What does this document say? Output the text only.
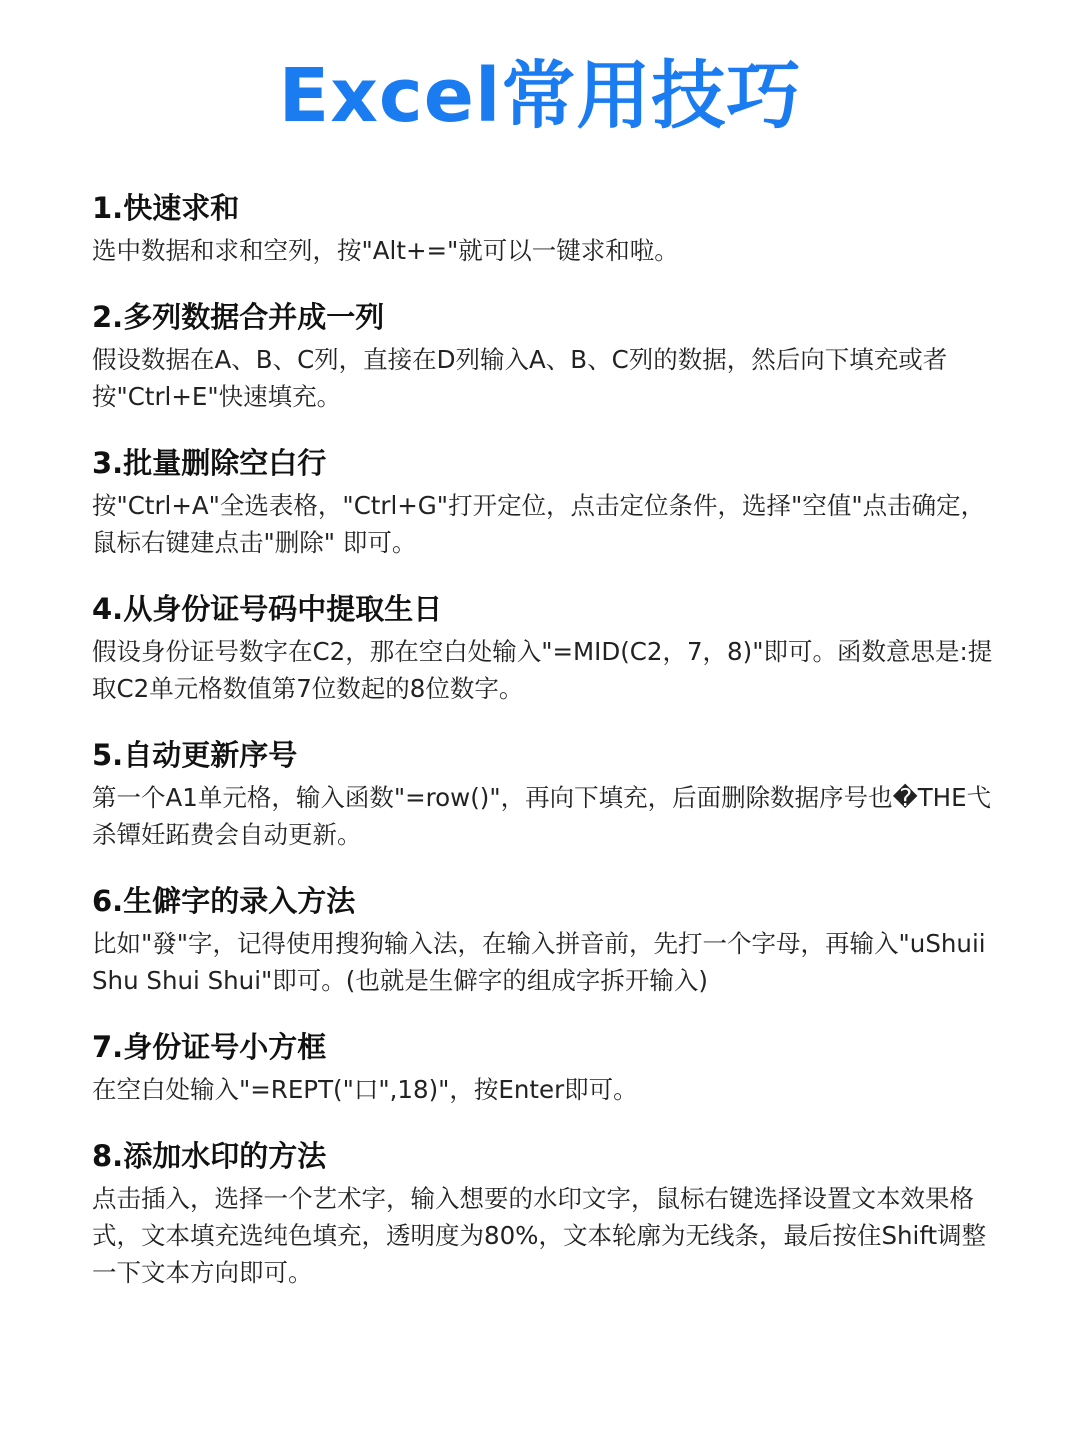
Excel常用技巧
1.快速求和
选中数据和求和空列，按"Alt+="就可以一键求和啦。
2.多列数据合并成一列
假设数据在A、B、C列，直接在D列输入A、B、C列的数据，然后向下填充或者按"Ctrl+E"快速填充。
3.批量删除空白行
按"Ctrl+A"全选表格，"Ctrl+G"打开定位，点击定位条件，选择"空值"点击确定，鼠标右键建点击"删除" 即可。
4.从身份证号码中提取生日
假设身份证号数字在C2，那在空白处输入"=MID(C2，7，8)"即可。函数意思是:提取C2单元格数值第7位数起的8位数字。
5.自动更新序号
第一个A1单元格，输入函数"=row()"，再向下填充，后面删除数据序号也�THE弋杀镡妊跖费会自动更新。
6.生僻字的录入方法
比如"發"字，记得使用搜狗输入法，在输入拼音前，先打一个字母，再输入"uShuii Shu Shui Shui"即可。(也就是生僻字的组成字拆开输入)
7.身份证号小方框
在空白处输入"=REPT("口",18)"，按Enter即可。
8.添加水印的方法
点击插入，选择一个艺术字，输入想要的水印文字，鼠标右键选择设置文本效果格式，文本填充选纯色填充，透明度为80%，文本轮廓为无线条，最后按住Shift调整一下文本方向即可。
